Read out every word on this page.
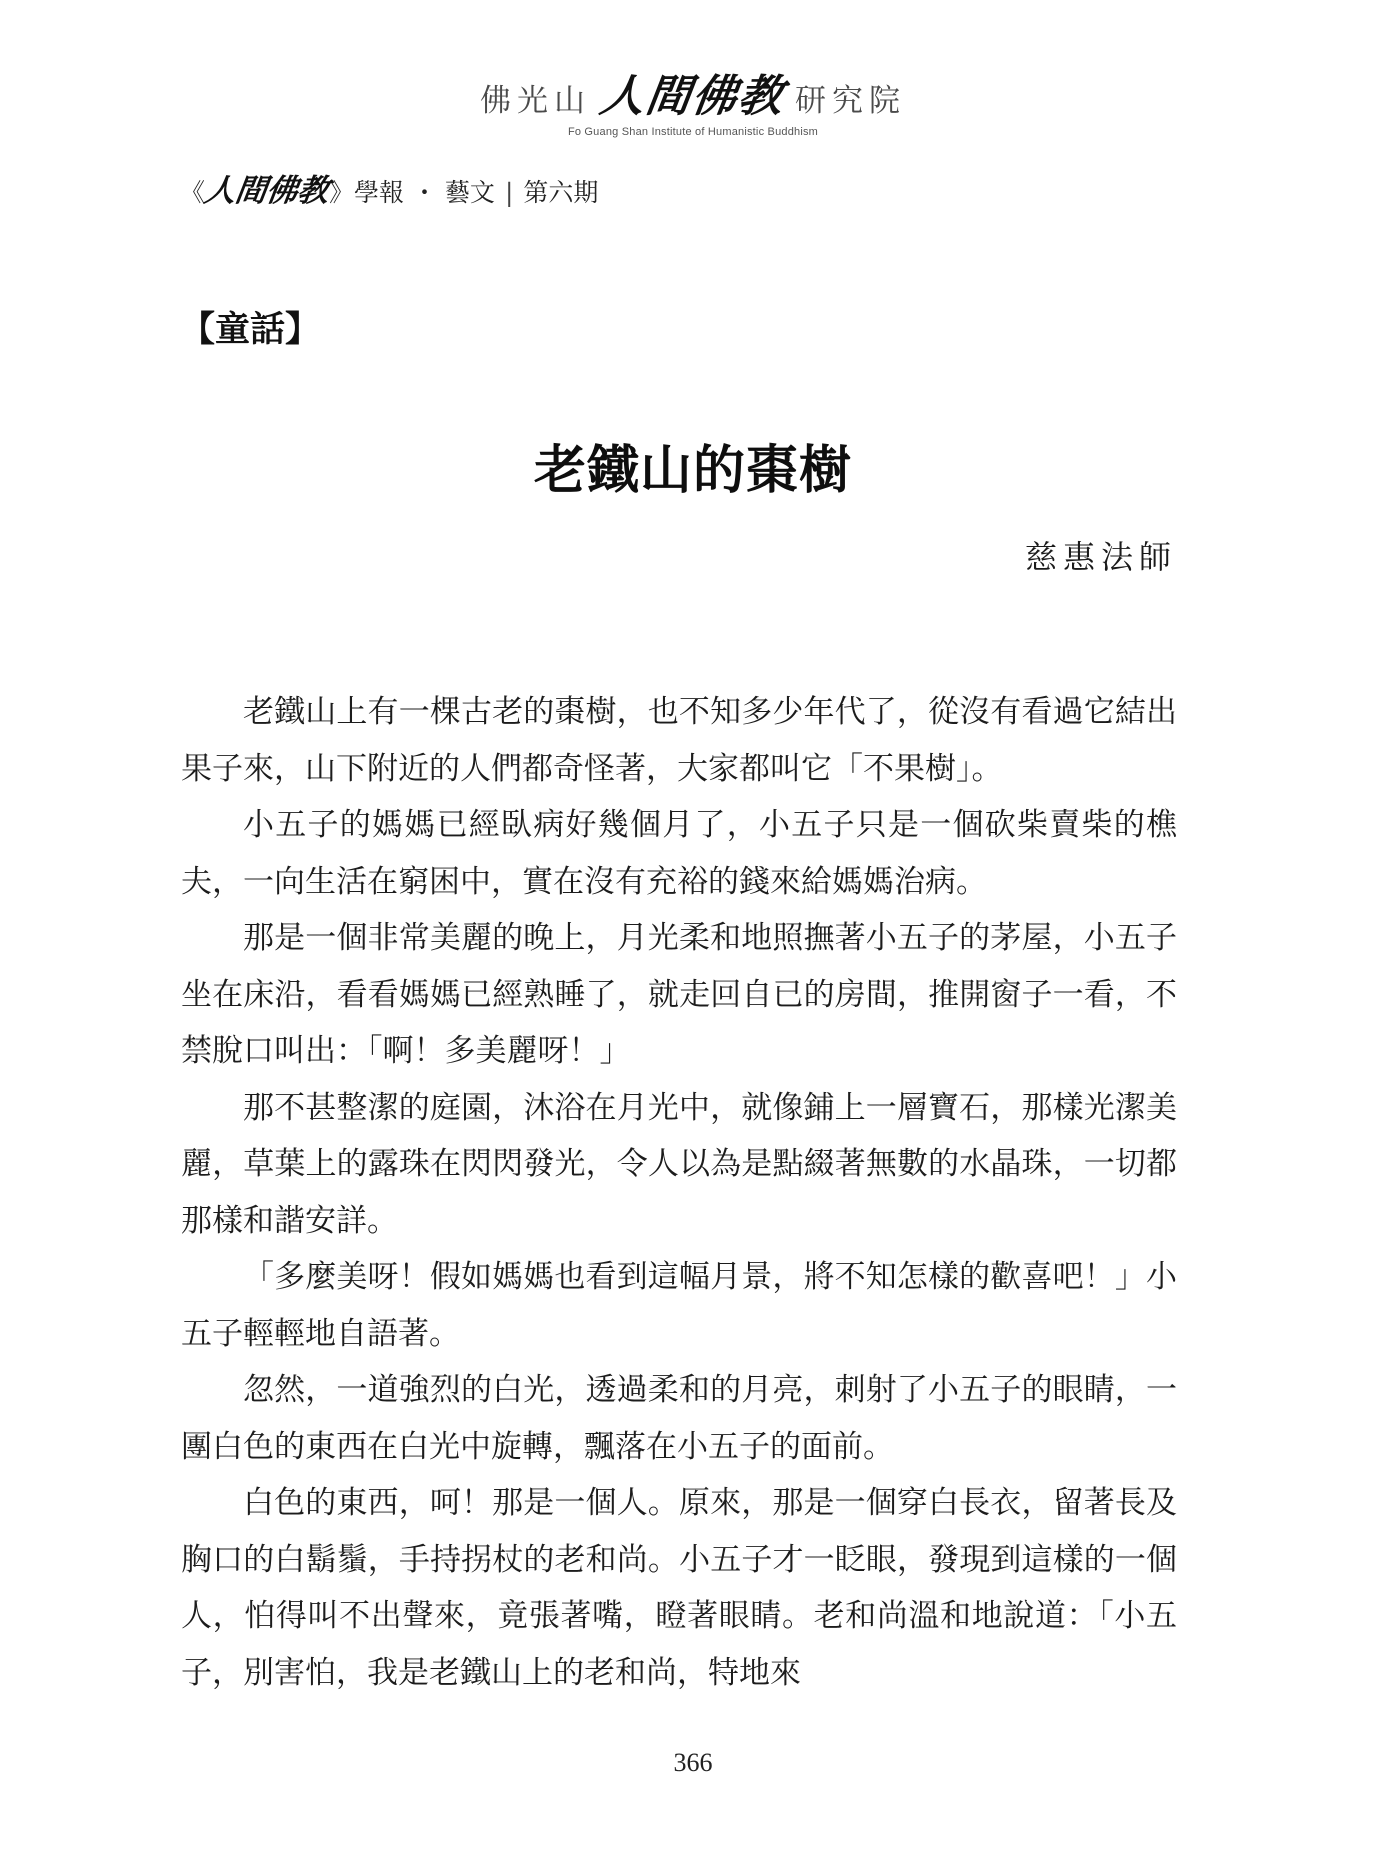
佛光山 人間佛教 研究院
Fo Guang Shan Institute of Humanistic Buddhism
《
人間佛教
》 學報 ・ 藝文 | 第六期
【童話】
老鐵山的棗樹
慈惠法師

老鐵山上有一棵古老的棗樹，也不知多少年代了，從沒有看過它結出果子來，山下附近的人們都奇怪著，大家都叫它「不果樹」。

小五子的媽媽已經臥病好幾個月了，小五子只是一個砍柴賣柴的樵夫，一向生活在窮困中，實在沒有充裕的錢來給媽媽治病。

那是一個非常美麗的晚上，月光柔和地照撫著小五子的茅屋，小五子坐在床沿，看看媽媽已經熟睡了，就走回自已的房間，推開窗子一看，不禁脫口叫出：「啊！多美麗呀！」

那不甚整潔的庭園，沐浴在月光中，就像鋪上一層寶石，那樣光潔美麗，草葉上的露珠在閃閃發光，令人以為是點綴著無數的水晶珠，一切都那樣和諧安詳。

「多麼美呀！假如媽媽也看到這幅月景，將不知怎樣的歡喜吧！」小五子輕輕地自語著。

忽然，一道強烈的白光，透過柔和的月亮，刺射了小五子的眼睛，一團白色的東西在白光中旋轉，飄落在小五子的面前。

白色的東西，呵！那是一個人。原來，那是一個穿白長衣，留著長及胸口的白鬍鬚，手持拐杖的老和尚。小五子才一眨眼，發現到這樣的一個人，怕得叫不出聲來，竟張著嘴，瞪著眼睛。老和尚溫和地說道：「小五子，別害怕，我是老鐵山上的老和尚，特地來

366
